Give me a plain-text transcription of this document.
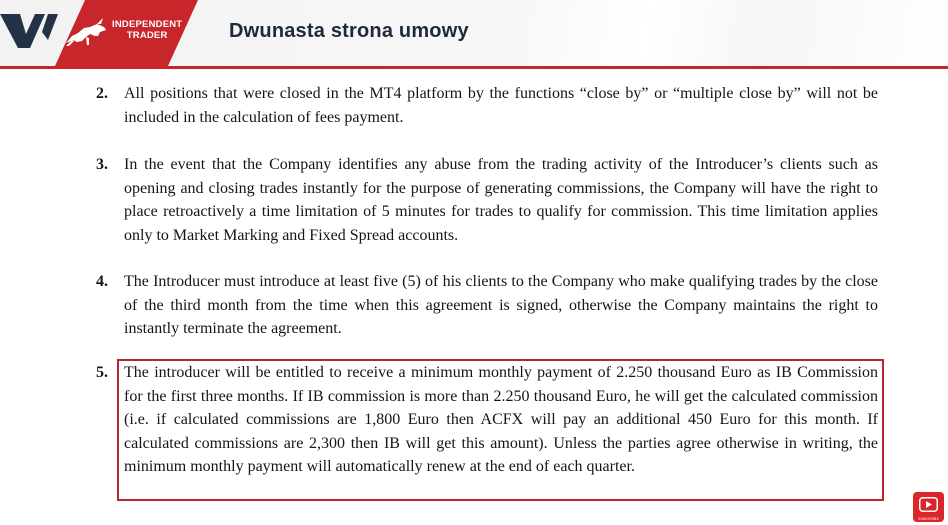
INDEPENDENT
TRADER	Dwunasta strona umowy
2. All positions that were closed in the MT4 platform by the functions “close by” or “multiple close by” will not be included in the calculation of fees payment.
3. In the event that the Company identifies any abuse from the trading activity of the Introducer’s clients such as opening and closing trades instantly for the purpose of generating commissions, the Company will have the right to place retroactively a time limitation of 5 minutes for trades to qualify for commission. This time limitation applies only to Market Marking and Fixed Spread accounts.
4. The Introducer must introduce at least five (5) of his clients to the Company who make qualifying trades by the close of the third month from the time when this agreement is signed, otherwise the Company maintains the right to instantly terminate the agreement.
5. The introducer will be entitled to receive a minimum monthly payment of 2.250 thousand Euro as IB Commission for the first three months. If IB commission is more than 2.250 thousand Euro, he will get the calculated commission (i.e. if calculated commissions are 1,800 Euro then ACFX will pay an additional 450 Euro for this month. If calculated commissions are 2,300 then IB will get this amount). Unless the parties agree otherwise in writing, the minimum monthly payment will automatically renew at the end of each quarter.
SUBSCRIBE
